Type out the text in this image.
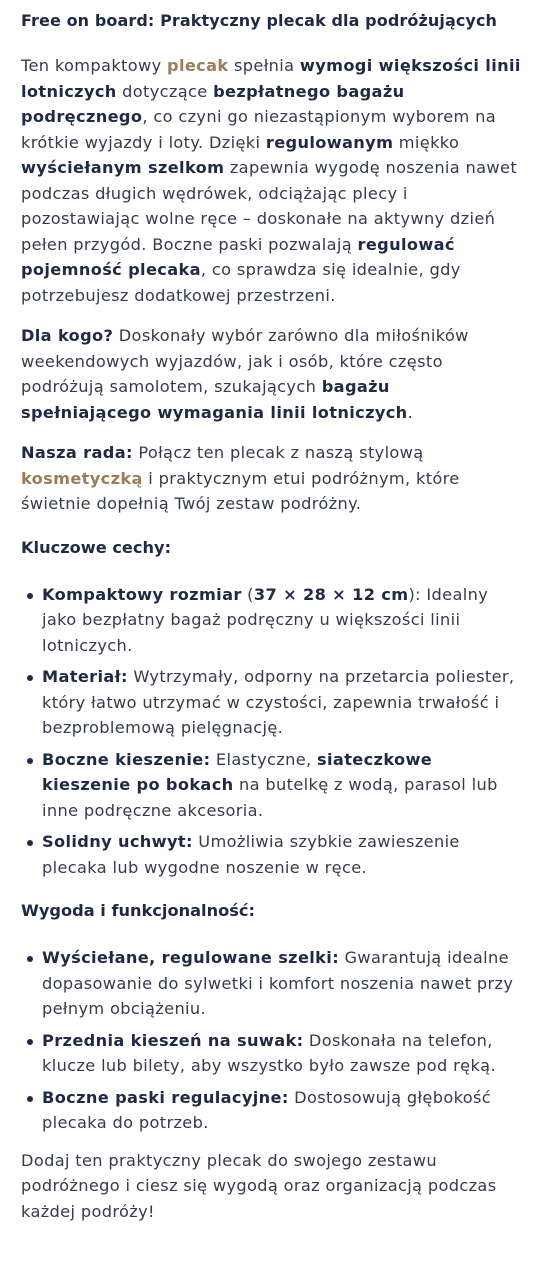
Free on board: Praktyczny plecak dla podróżujących

Ten kompaktowy plecak spełnia wymogi większości linii lotniczych dotyczące bezpłatnego bagażu podręcznego, co czyni go niezastąpionym wyborem na krótkie wyjazdy i loty. Dzięki regulowanym miękko wyściełanym szelkom zapewnia wygodę noszenia nawet podczas długich wędrówek, odciążając plecy i pozostawiając wolne ręce – doskonałe na aktywny dzień pełen przygód. Boczne paski pozwalają regulować pojemność plecaka, co sprawdza się idealnie, gdy potrzebujesz dodatkowej przestrzeni.

Dla kogo? Doskonały wybór zarówno dla miłośników weekendowych wyjazdów, jak i osób, które często podróżują samolotem, szukających bagażu spełniającego wymagania linii lotniczych.

Nasza rada: Połącz ten plecak z naszą stylową kosmetyczką i praktycznym etui podróżnym, które świetnie dopełnią Twój zestaw podróżny.

Kluczowe cechy:
Kompaktowy rozmiar (37 × 28 × 12 cm): Idealny jako bezpłatny bagaż podręczny u większości linii lotniczych.
Materiał: Wytrzymały, odporny na przetarcia poliester, który łatwo utrzymać w czystości, zapewnia trwałość i bezproblemową pielęgnację.
Boczne kieszenie: Elastyczne, siateczkowe kieszenie po bokach na butelkę z wodą, parasol lub inne podręczne akcesoria.
Solidny uchwyt: Umożliwia szybkie zawieszenie plecaka lub wygodne noszenie w ręce.
Wygoda i funkcjonalność:
Wyściełane, regulowane szelki: Gwarantują idealne dopasowanie do sylwetki i komfort noszenia nawet przy pełnym obciążeniu.
Przednia kieszeń na suwak: Doskonała na telefon, klucze lub bilety, aby wszystko było zawsze pod ręką.
Boczne paski regulacyjne: Dostosowują głębokość plecaka do potrzeb.

Dodaj ten praktyczny plecak do swojego zestawu podróżnego i ciesz się wygodą oraz organizacją podczas każdej podróży!
